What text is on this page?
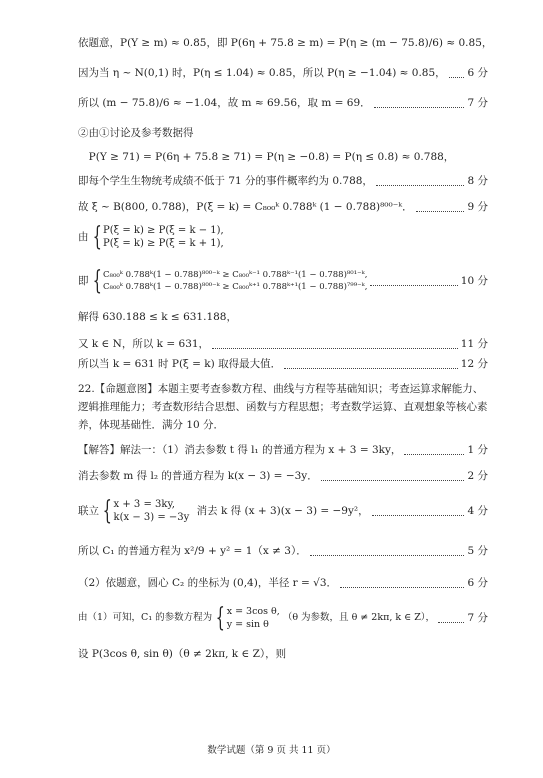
依题意，P(Y ≥ m) ≈ 0.85，即 P(6η + 75.8 ≥ m) = P(η ≥ (m − 75.8)/6) ≈ 0.85，
因为当 η ~ N(0,1) 时，P(η ≤ 1.04) ≈ 0.85，所以 P(η ≥ −1.04) ≈ 0.85， 6 分
所以 (m − 75.8)/6 ≈ −1.04，故 m ≈ 69.56，取 m = 69．	7 分
②由①讨论及参考数据得
P(Y ≥ 71) = P(6η + 75.8 ≥ 71) = P(η ≥ −0.8) = P(η ≤ 0.8) ≈ 0.788，
即每个学生生物统考成绩不低于 71 分的事件概率约为 0.788，	8 分
故 ξ ~ B(800, 0.788)，P(ξ = k) = C₈₀₀ᵏ 0.788ᵏ (1 − 0.788)⁸⁰⁰⁻ᵏ．	9 分
由 { P(ξ = k) ≥ P(ξ = k − 1),
P(ξ = k) ≥ P(ξ = k + 1),
即 { C₈₀₀ᵏ 0.788ᵏ(1 − 0.788)⁸⁰⁰⁻ᵏ ≥ C₈₀₀ᵏ⁻¹ 0.788ᵏ⁻¹(1 − 0.788)⁸⁰¹⁻ᵏ,
C₈₀₀ᵏ 0.788ᵏ(1 − 0.788)⁸⁰⁰⁻ᵏ ≥ C₈₀₀ᵏ⁺¹ 0.788ᵏ⁺¹(1 − 0.788)⁷⁹⁹⁻ᵏ,	10 分
解得 630.188 ≤ k ≤ 631.188，
又 k ∈ N，所以 k = 631，	11 分
所以当 k = 631 时 P(ξ = k) 取得最大值．	12 分
22.【命题意图】本题主要考查参数方程、曲线与方程等基础知识；考查运算求解能力、逻辑推理能力；考查数形结合思想、函数与方程思想；考查数学运算、直观想象等核心素养，体现基础性．满分 10 分．
【解答】解法一：（1）消去参数 t 得 l₁ 的普通方程为 x + 3 = 3ky，	1 分
消去参数 m 得 l₂ 的普通方程为 k(x − 3) = −3y．	2 分
联立 { x + 3 = 3ky,
k(x − 3) = −3y
消去 k 得 (x + 3)(x − 3) = −9y²，	4 分
所以 C₁ 的普通方程为 x²/9 + y² = 1（x ≠ 3）．	5 分
（2）依题意，圆心 C₂ 的坐标为 (0,4)，半径 r = √3．	6 分
由（1）可知，C₁ 的参数方程为 { x = 3cos θ,
y = sin θ
（θ 为参数，且 θ ≠ 2kπ, k ∈ Z），	7 分
设 P(3cos θ, sin θ)（θ ≠ 2kπ, k ∈ Z），则
数学试题（第 9 页 共 11 页）
